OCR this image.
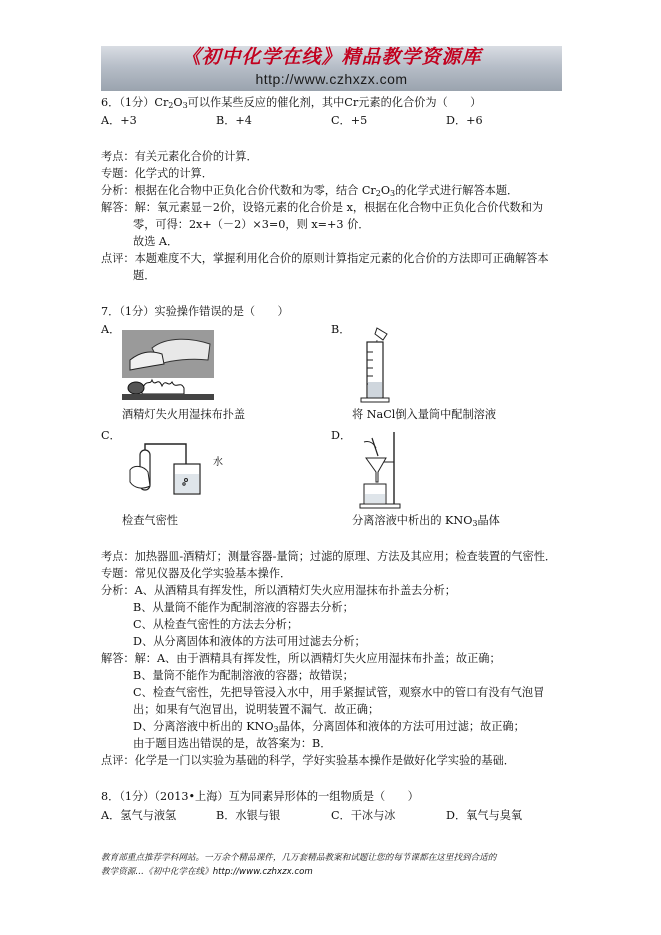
《初中化学在线》精品教学资源库
http://www.czhxzx.com
6．（1分）$Cr_2O_3$可以作某些反应的催化剂，其中Cr元素的化合价为（　　）
A．+3	B．+4	C．+5	D．+6
考点：有关元素化合价的计算．
专题：化学式的计算．
分析：根据在化合物中正负化合价代数和为零，结合 $Cr_2O_3$的化学式进行解答本题．
解答：解：氧元素显－2价，设铬元素的化合价是 x，根据在化合物中正负化合价代数和为
零，可得：2x+（－2）×3=0，则 x=+3 价．
故选 A．
点评：本题难度不大，掌握利用化合价的原则计算指定元素的化合价的方法即可正确解答本
题．
7．（1分）实验操作错误的是（　　）
A．	B．
酒精灯失火用湿抹布扑盖	将 NaCl倒入量筒中配制溶液
C．	D．
水
检查气密性	分离溶液中析出的 $KNO_3$晶体
考点：加热器皿-酒精灯；测量容器-量筒；过滤的原理、方法及其应用；检查装置的气密性．
专题：常见仪器及化学实验基本操作．
分析：A、从酒精具有挥发性，所以酒精灯失火应用湿抹布扑盖去分析；
B、从量筒不能作为配制溶液的容器去分析；
C、从检查气密性的方法去分析；
D、从分离固体和液体的方法可用过滤去分析；
解答：解：A、由于酒精具有挥发性，所以酒精灯失火应用湿抹布扑盖；故正确；
B、量筒不能作为配制溶液的容器；故错误；
C、检查气密性，先把导管浸入水中，用手紧握试管，观察水中的管口有没有气泡冒
出；如果有气泡冒出，说明装置不漏气．故正确；
D、分离溶液中析出的 $KNO_3$晶体，分离固体和液体的方法可用过滤；故正确；
由于题目选出错误的是，故答案为：B．
点评：化学是一门以实验为基础的科学，学好实验基本操作是做好化学实验的基础．
8．（1分）（2013•上海）互为同素异形体的一组物质是（　　）
A．氢气与液氢	B．水银与银	C．干冰与冰	D．氧气与臭氧
教育部重点推荐学科网站。一万余个精品课件，几万套精品教案和试题让您的每节课都在这里找到合适的
教学资源…《初中化学在线》http://www.czhxzx.com
